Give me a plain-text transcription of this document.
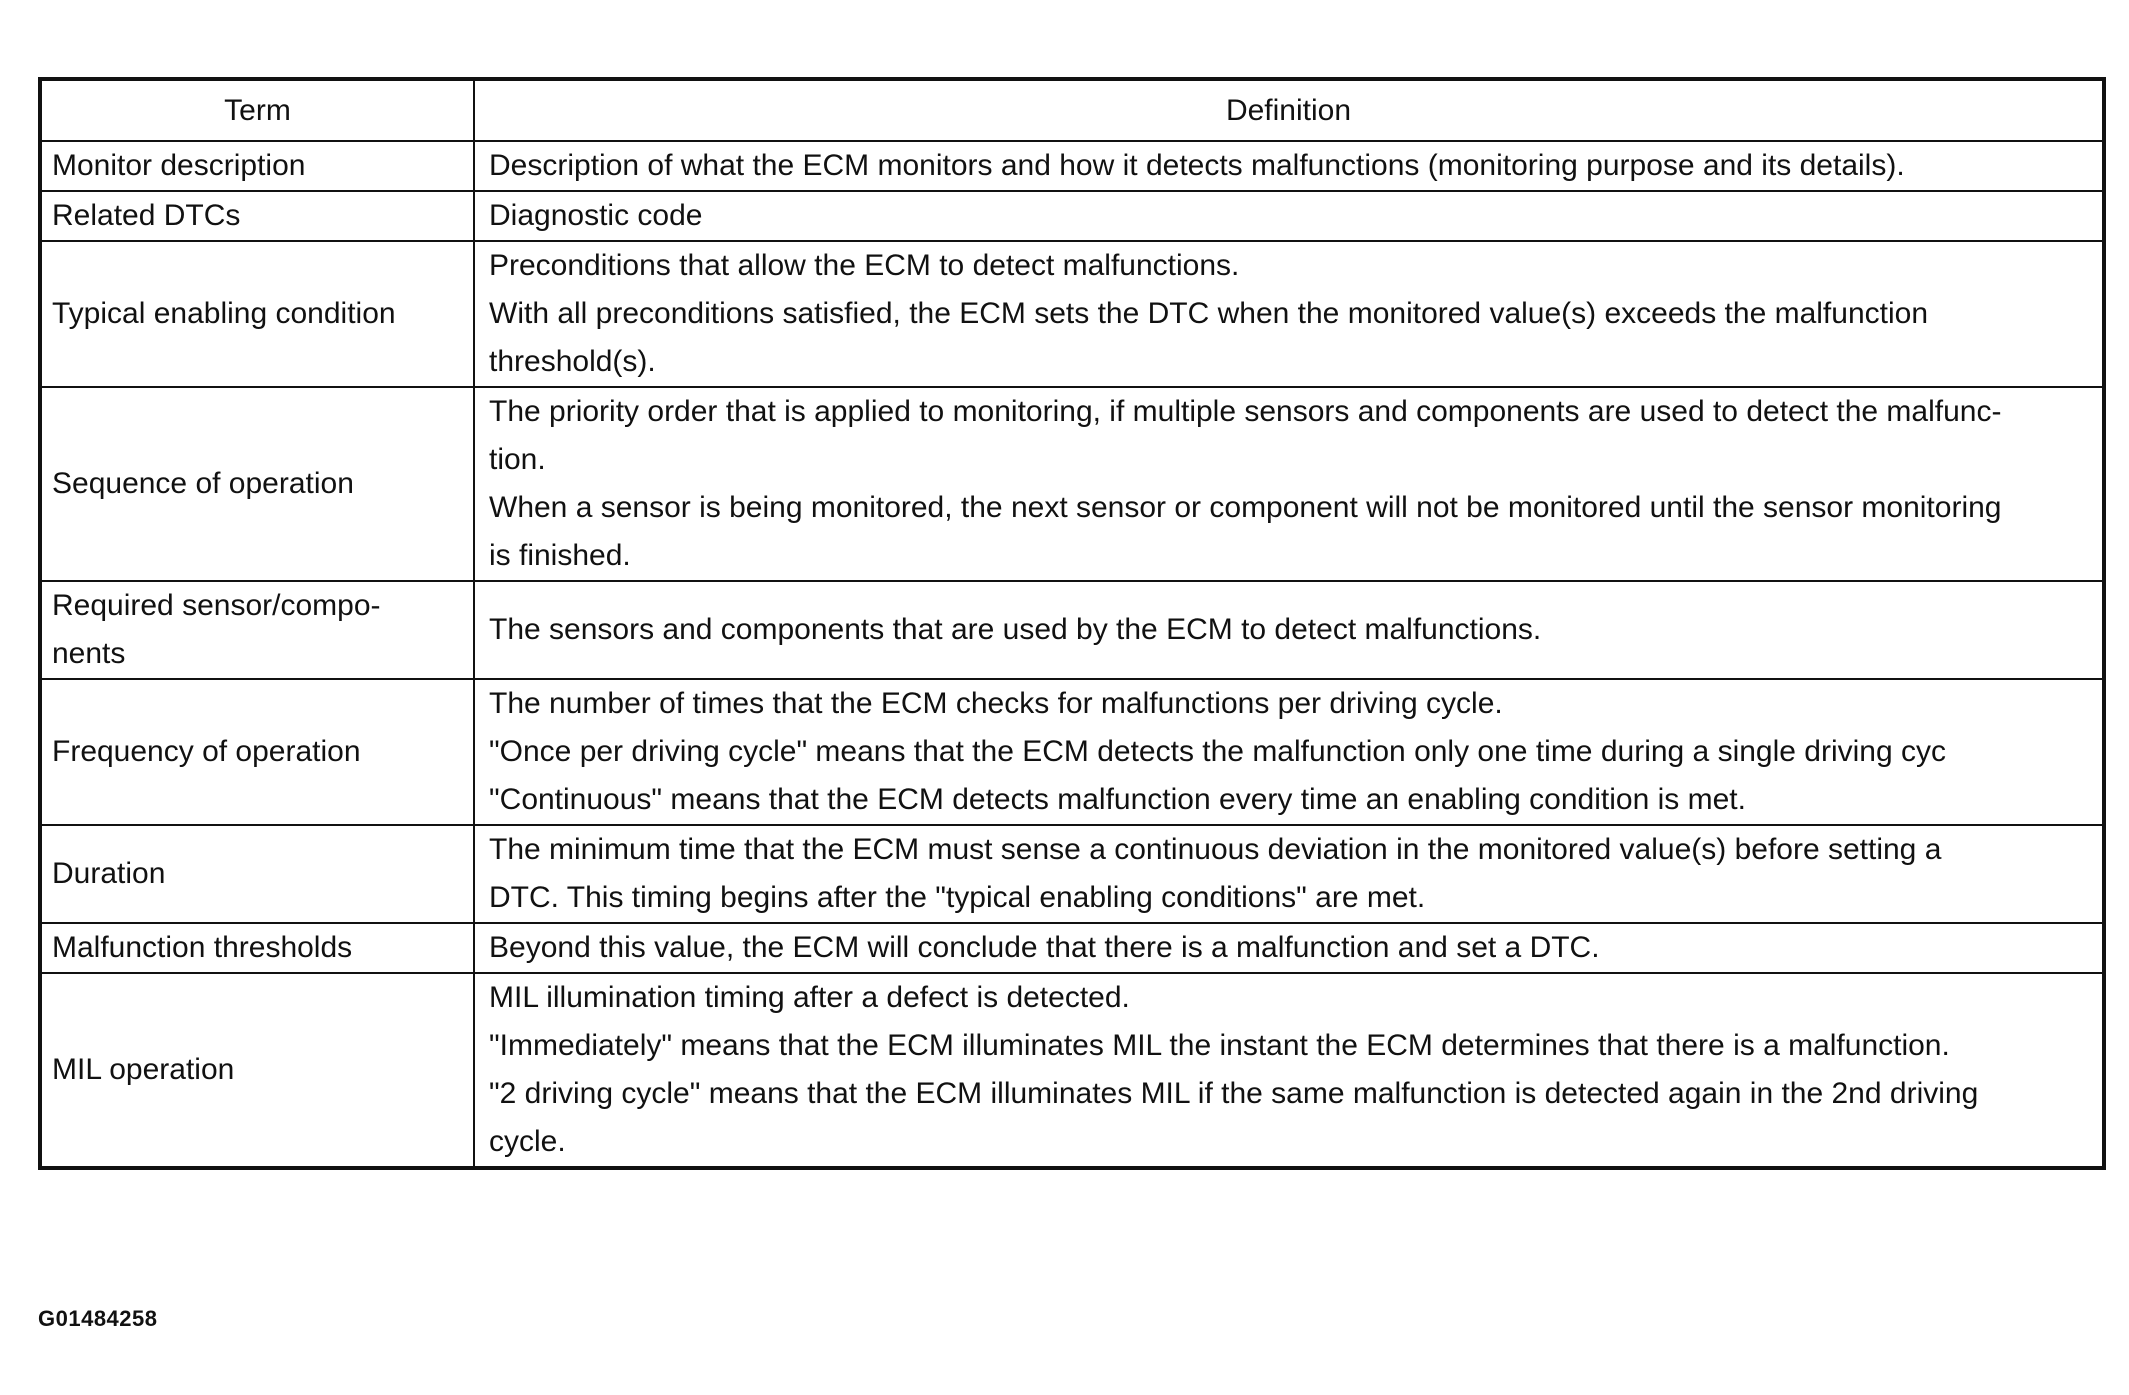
Term	Definition

Monitor description	Description of what the ECM monitors and how it detects malfunctions (monitoring purpose and its details).

Related DTCs	Diagnostic code

Typical enabling condition	Preconditions that allow the ECM to detect malfunctions.
With all preconditions satisfied, the ECM sets the DTC when the monitored value(s) exceeds the malfunction
threshold(s).

Sequence of operation	The priority order that is applied to monitoring, if multiple sensors and components are used to detect the malfunc-
tion.
When a sensor is being monitored, the next sensor or component will not be monitored until the sensor monitoring
is finished.

Required sensor/compo-
nents	The sensors and components that are used by the ECM to detect malfunctions.

Frequency of operation	The number of times that the ECM checks for malfunctions per driving cycle.
"Once per driving cycle" means that the ECM detects the malfunction only one time during a single driving cyc
"Continuous" means that the ECM detects malfunction every time an enabling condition is met.

Duration	The minimum time that the ECM must sense a continuous deviation in the monitored value(s) before setting a
DTC. This timing begins after the "typical enabling conditions" are met.

Malfunction thresholds	Beyond this value, the ECM will conclude that there is a malfunction and set a DTC.

MIL operation	MIL illumination timing after a defect is detected.
"Immediately" means that the ECM illuminates MIL the instant the ECM determines that there is a malfunction.
"2 driving cycle" means that the ECM illuminates MIL if the same malfunction is detected again in the 2nd driving
cycle.
G01484258
